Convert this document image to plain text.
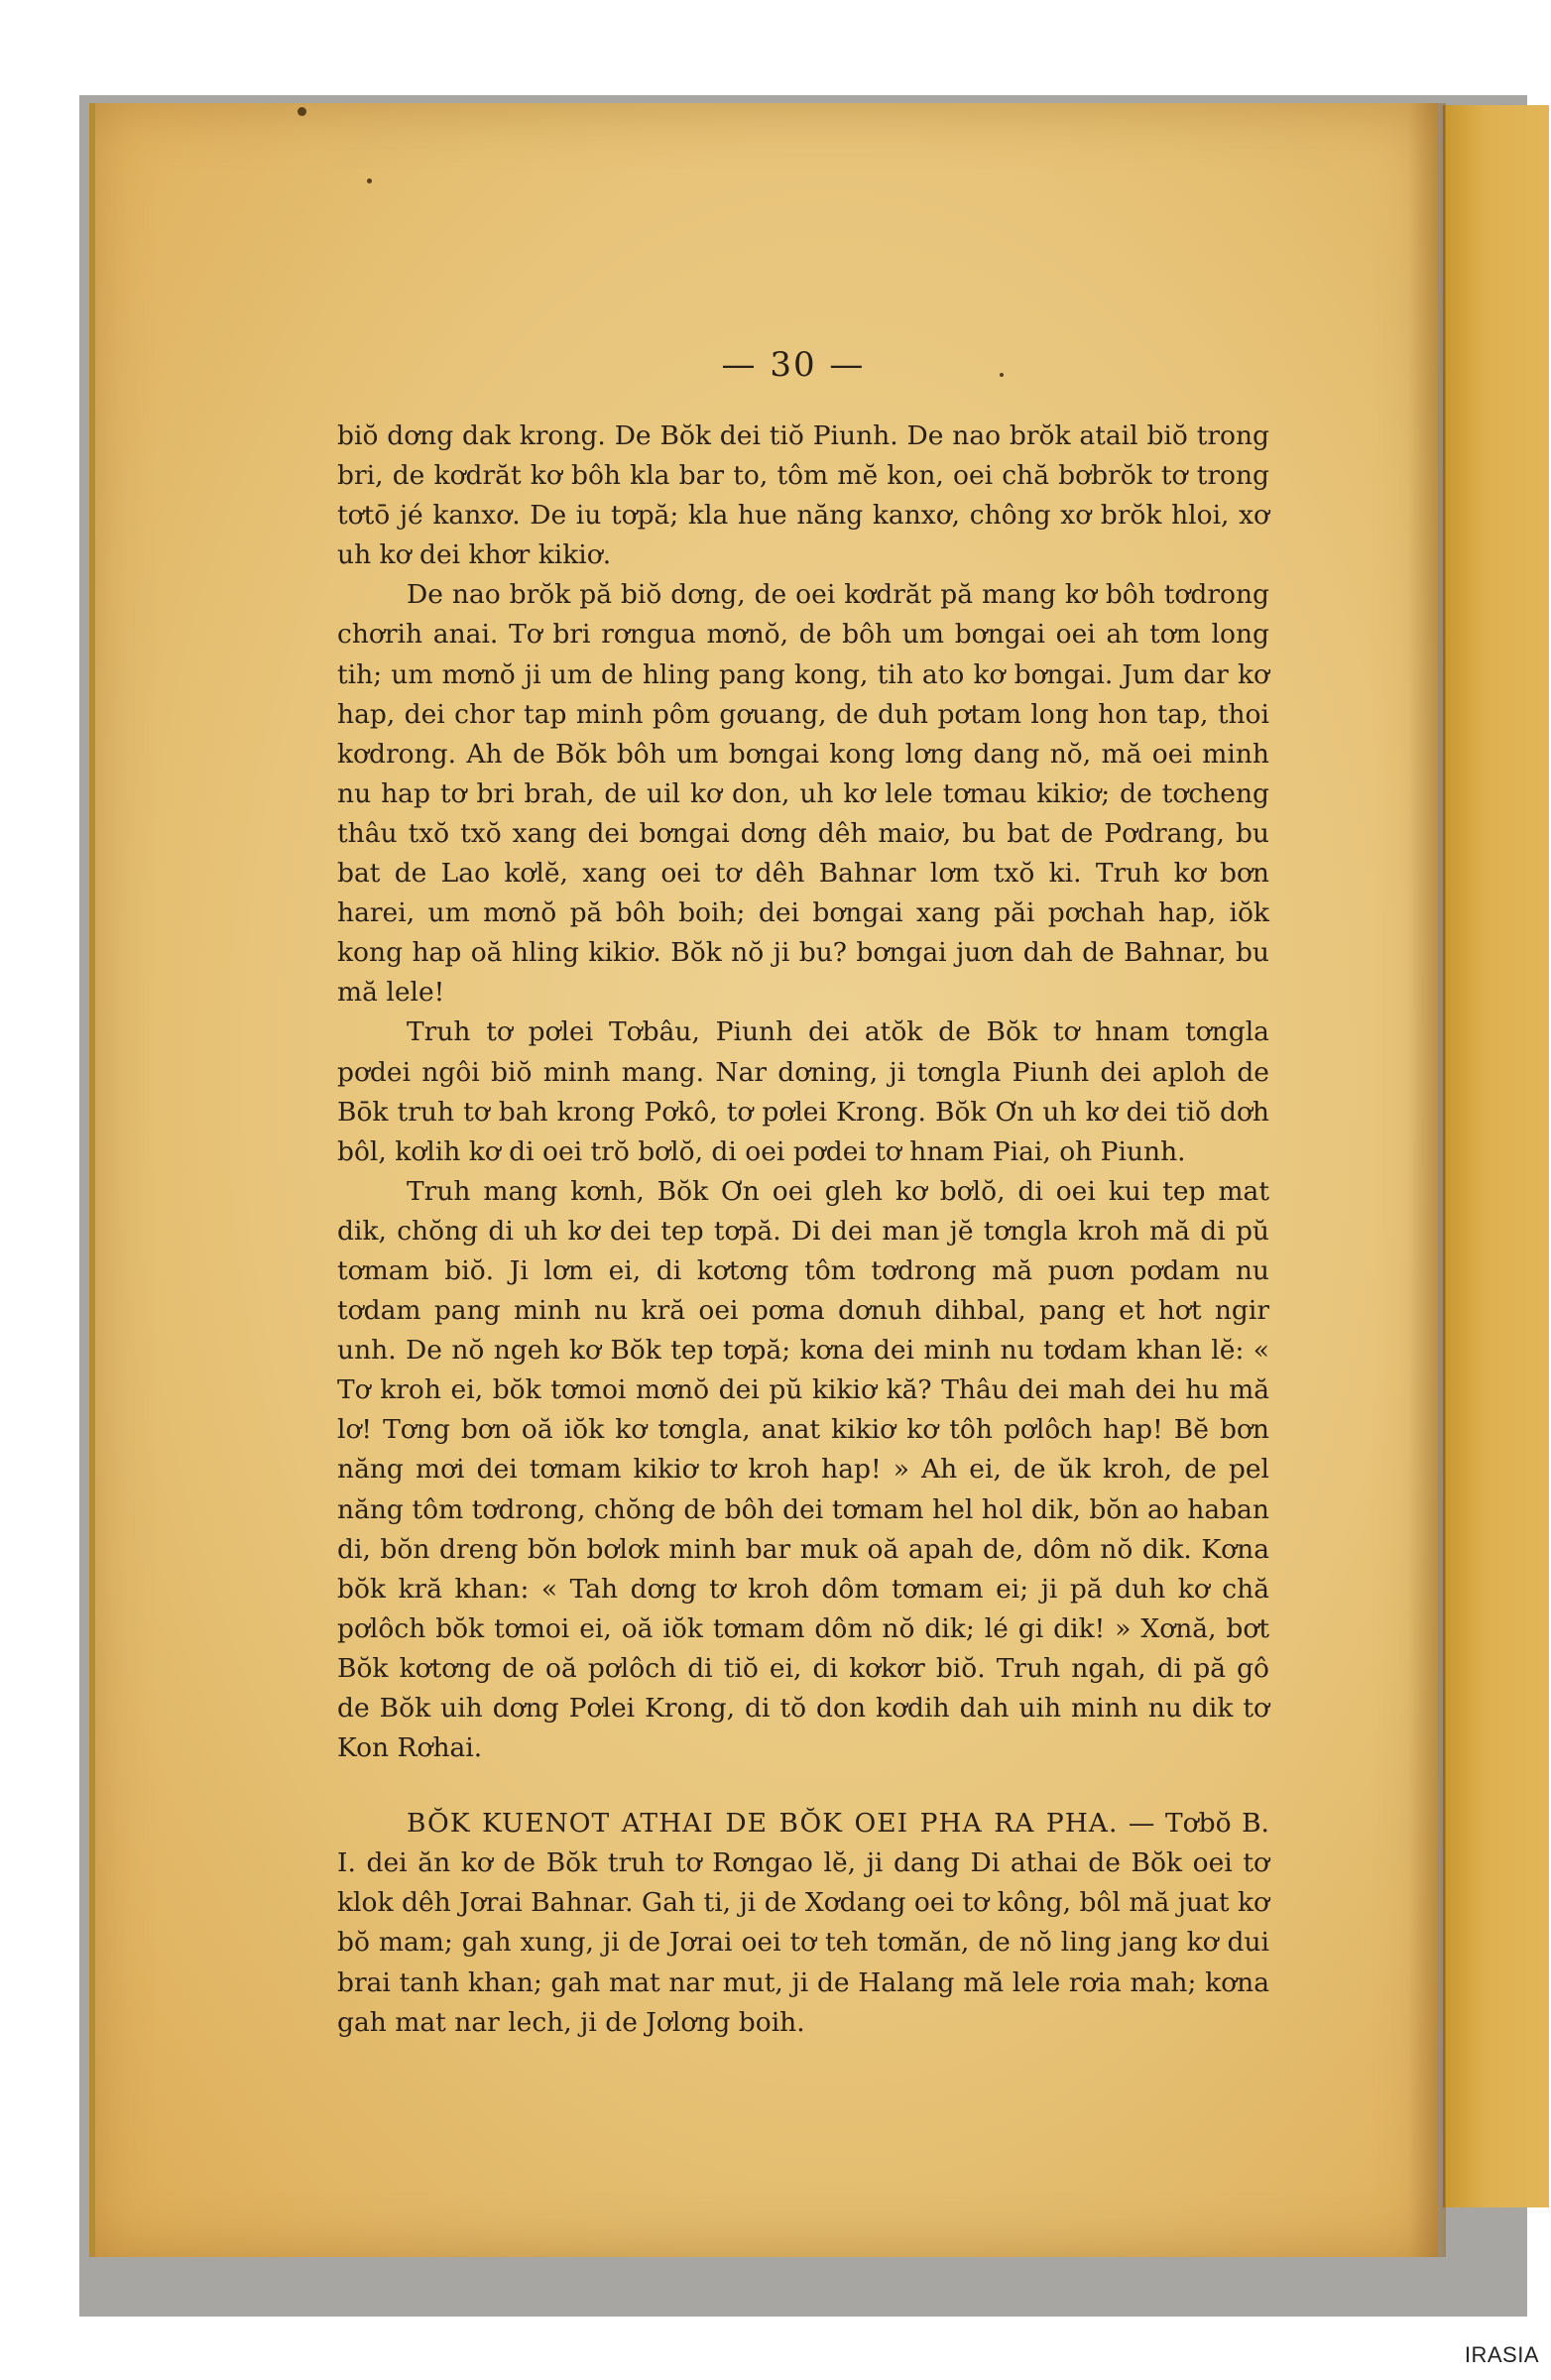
— 30 —

biŏ dơng dak krong. De Bŏk dei tiŏ Piunh. De nao brŏk atail biŏ trong bri, de kơdrăt kơ bôh kla bar to, tôm mĕ kon, oei chă bơbrŏk tơ trong tơtō jé kanxơ. De iu tơpă; kla hue năng kanxơ, chông xơ brŏk hloi, xơ uh kơ dei khơr kikiơ.

De nao brŏk pă biŏ dơng, de oei kơdrăt pă mang kơ bôh tơdrong chơrih anai. Tơ bri rơngua mơnŏ, de bôh um bơngai oei ah tơm long tih; um mơnŏ ji um de hling pang kong, tih ato kơ bơngai. Jum dar kơ hap, dei chor tap minh pôm gơuang, de duh pơtam long hon tap, thoi kơdrong. Ah de Bŏk bôh um bơngai kong lơng dang nŏ, mă oei minh nu hap tơ bri brah, de uil kơ don, uh kơ lele tơmau kikiơ; de tơcheng thâu txŏ txŏ xang dei bơngai dơng dêh maiơ, bu bat de Pơdrang, bu bat de Lao kơlĕ, xang oei tơ dêh Bahnar lơm txŏ ki. Truh kơ bơn harei, um mơnŏ pă bôh boih; dei bơngai xang păi pơchah hap, iŏk kong hap oă hling kikiơ. Bŏk nŏ ji bu? bơngai juơn dah de Bahnar, bu mă lele!

Truh tơ pơlei Tơbâu, Piunh dei atŏk de Bŏk tơ hnam tơngla pơdei ngôi biŏ minh mang. Nar dơning, ji tơngla Piunh dei aploh de Bōk truh tơ bah krong Pơkô, tơ pơlei Krong. Bŏk Ơn uh kơ dei tiŏ dơh bôl, kơlih kơ di oei trŏ bơlŏ, di oei pơdei tơ hnam Piai, oh Piunh.

Truh mang kơnh, Bŏk Ơn oei gleh kơ bơlŏ, di oei kui tep mat dik, chŏng di uh kơ dei tep tơpă. Di dei man jĕ tơngla kroh mă di pŭ tơmam biŏ. Ji lơm ei, di kơtơng tôm tơdrong mă puơn pơdam nu tơdam pang minh nu kră oei pơma dơnuh dihbal, pang et hơt ngir unh. De nŏ ngeh kơ Bŏk tep tơpă; kơna dei minh nu tơdam khan lĕ: « Tơ kroh ei, bŏk tơmoi mơnŏ dei pŭ kikiơ kă? Thâu dei mah dei hu mă lơ! Tơng bơn oă iŏk kơ tơngla, anat kikiơ kơ tôh pơlôch hap! Bĕ bơn năng mơi dei tơmam kikiơ tơ kroh hap! » Ah ei, de ŭk kroh, de pel năng tôm tơdrong, chŏng de bôh dei tơmam hel hol dik, bŏn ao haban di, bŏn dreng bŏn bơlơk minh bar muk oă apah de, dôm nŏ dik. Kơna bŏk kră khan: « Tah dơng tơ kroh dôm tơmam ei; ji pă duh kơ chă pơlôch bŏk tơmoi ei, oă iŏk tơmam dôm nŏ dik; lé gi dik! » Xơnă, bơt Bŏk kơtơng de oă pơlôch di tiŏ ei, di kơkơr biŏ. Truh ngah, di pă gô de Bŏk uih dơng Pơlei Krong, di tŏ don kơdih dah uih minh nu dik tơ Kon Rơhai.

BŎK KUENOT ATHAI DE BŎK OEI PHA RA PHA. — Tơbŏ B. I. dei ăn kơ de Bŏk truh tơ Rơngao lĕ, ji dang Di athai de Bŏk oei tơ klok dêh Jơrai Bahnar. Gah ti, ji de Xơdang oei tơ kông, bôl mă juat kơ bŏ mam; gah xung, ji de Jơrai oei tơ teh tơmăn, de nŏ ling jang kơ dui brai tanh khan; gah mat nar mut, ji de Halang mă lele rơia mah; kơna gah mat nar lech, ji de Jơlơng boih.

IRASIA
